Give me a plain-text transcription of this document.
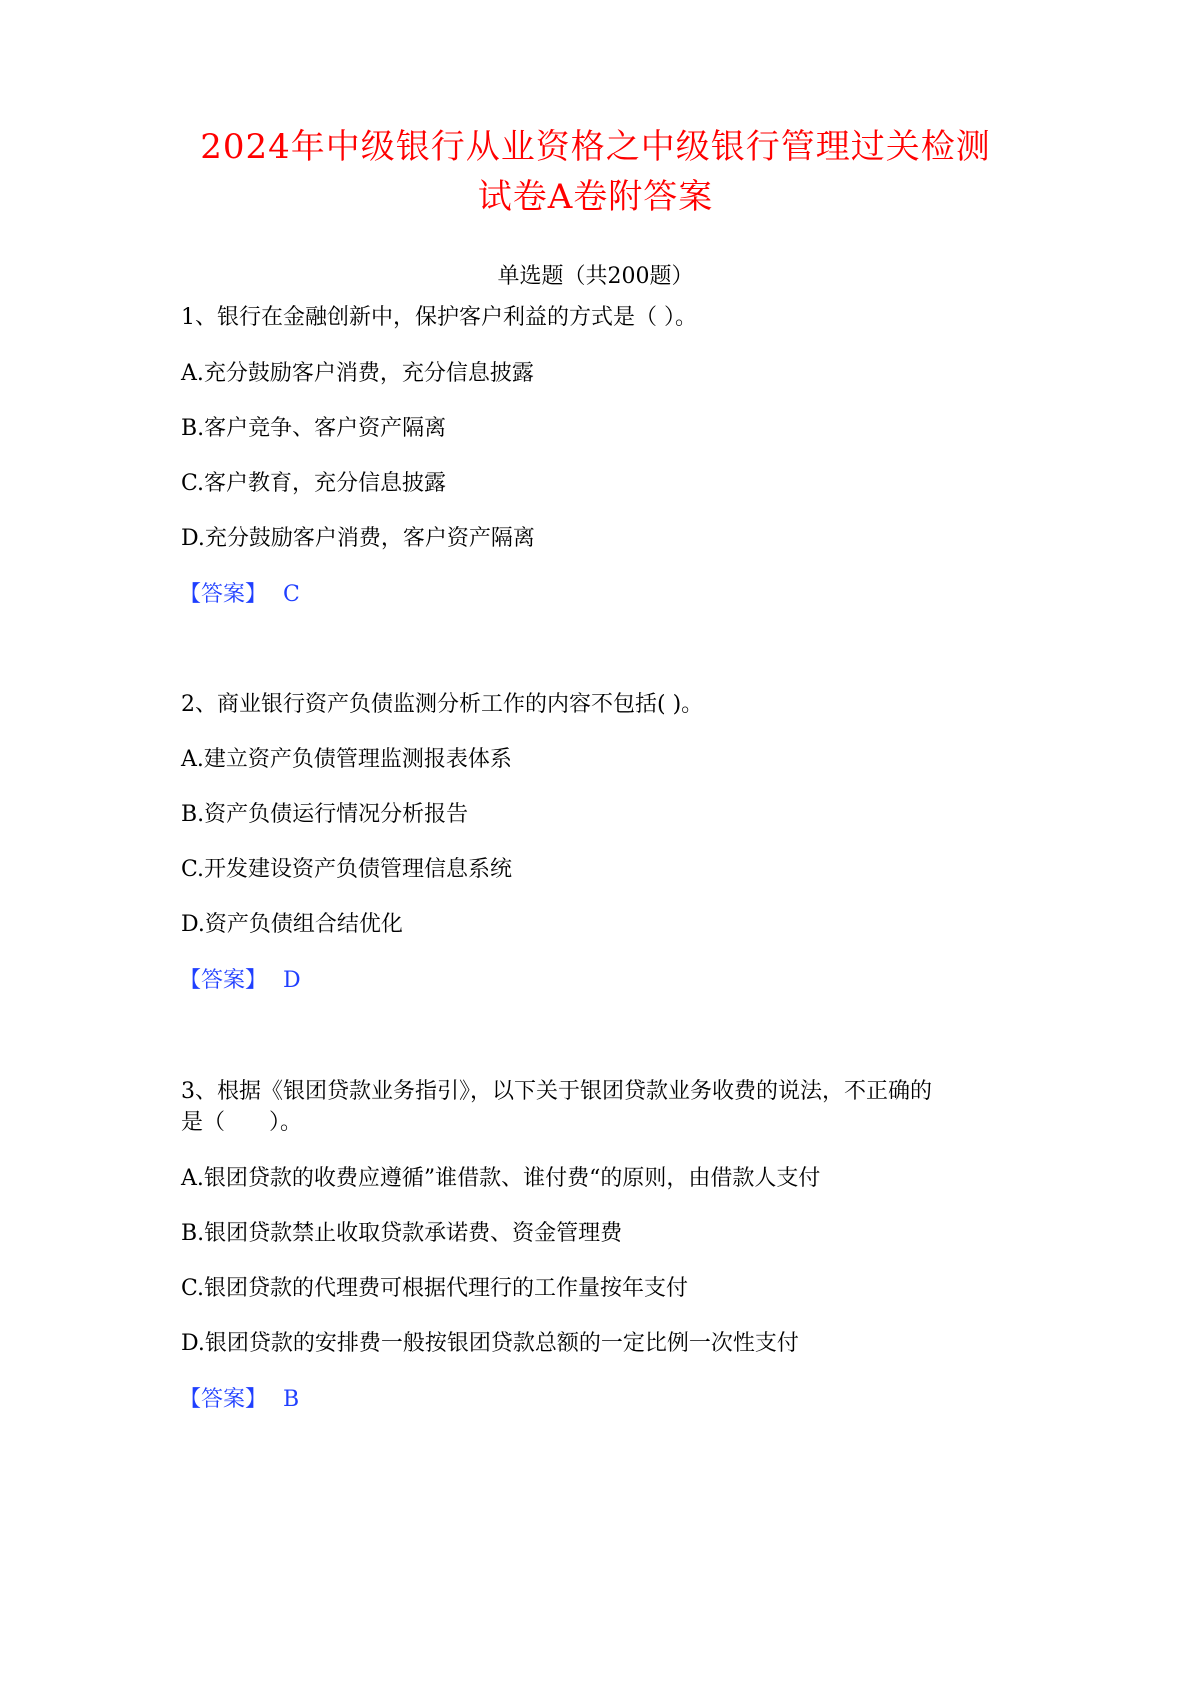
2024年中级银行从业资格之中级银行管理过关检测
试卷A卷附答案
单选题（共200题）
1、银行在金融创新中，保护客户利益的方式是（ ）。
A.充分鼓励客户消费，充分信息披露
B.客户竞争、客户资产隔离
C.客户教育，充分信息披露
D.充分鼓励客户消费，客户资产隔离
【答案】 C
2、商业银行资产负债监测分析工作的内容不包括( )。
A.建立资产负债管理监测报表体系
B.资产负债运行情况分析报告
C.开发建设资产负债管理信息系统
D.资产负债组合结优化
【答案】 D
3、根据《银团贷款业务指引》，以下关于银团贷款业务收费的说法，不正确的
是（　　）。
A.银团贷款的收费应遵循”谁借款、谁付费“的原则，由借款人支付
B.银团贷款禁止收取贷款承诺费、资金管理费
C.银团贷款的代理费可根据代理行的工作量按年支付
D.银团贷款的安排费一般按银团贷款总额的一定比例一次性支付
【答案】 B
